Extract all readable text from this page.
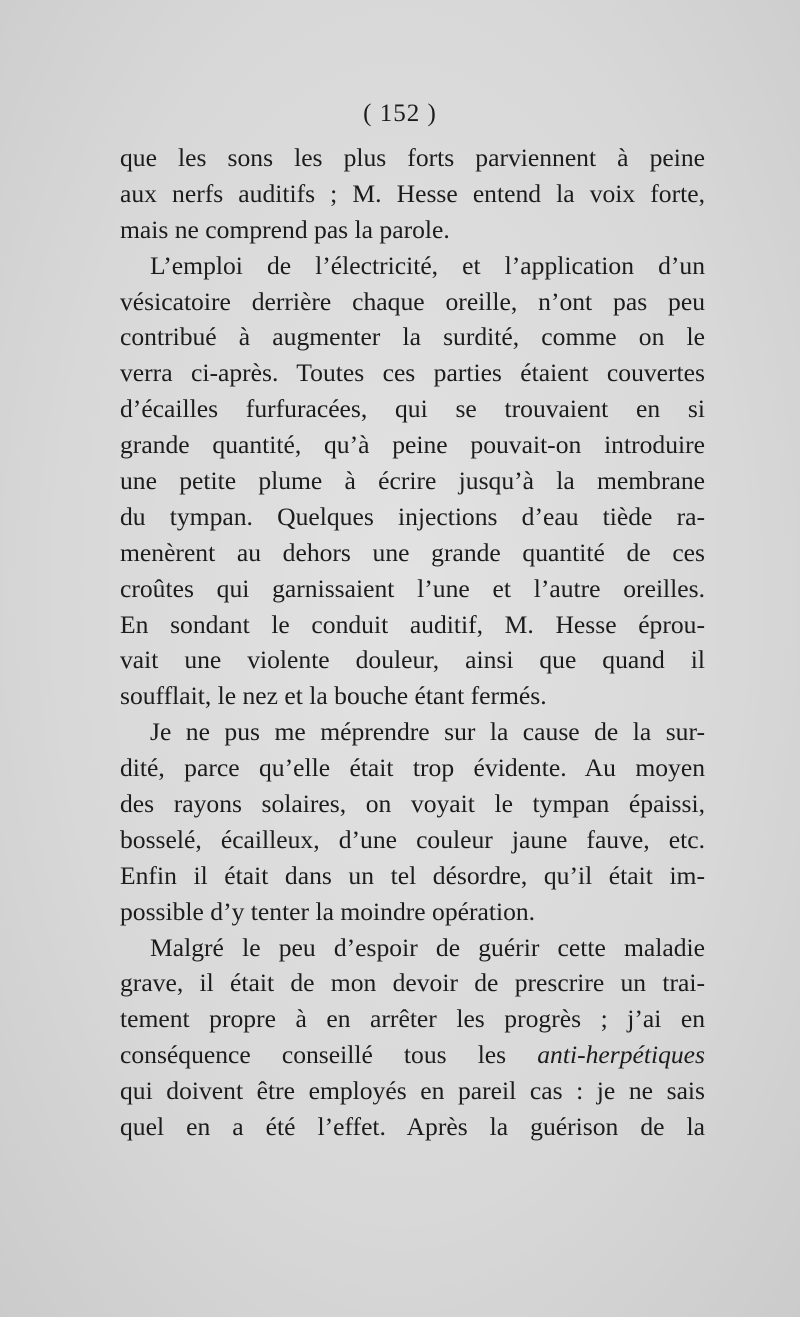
( 152 )
que les sons les plus forts parviennent à peine
aux nerfs auditifs ; M. Hesse entend la voix forte,
mais ne comprend pas la parole.
L’emploi de l’électricité, et l’application d’un
vésicatoire derrière chaque oreille, n’ont pas peu
contribué à augmenter la surdité, comme on le
verra ci-après. Toutes ces parties étaient couvertes
d’écailles furfuracées, qui se trouvaient en si
grande quantité, qu’à peine pouvait-on introduire
une petite plume à écrire jusqu’à la membrane
du tympan. Quelques injections d’eau tiède ra-
menèrent au dehors une grande quantité de ces
croûtes qui garnissaient l’une et l’autre oreilles.
En sondant le conduit auditif, M. Hesse éprou-
vait une violente douleur, ainsi que quand il
soufflait, le nez et la bouche étant fermés.
Je ne pus me méprendre sur la cause de la sur-
dité, parce qu’elle était trop évidente. Au moyen
des rayons solaires, on voyait le tympan épaissi,
bosselé, écailleux, d’une couleur jaune fauve, etc.
Enfin il était dans un tel désordre, qu’il était im-
possible d’y tenter la moindre opération.
Malgré le peu d’espoir de guérir cette maladie
grave, il était de mon devoir de prescrire un trai-
tement propre à en arrêter les progrès ; j’ai en
conséquence conseillé tous les anti-herpétiques
qui doivent être employés en pareil cas : je ne sais
quel en a été l’effet. Après la guérison de la
